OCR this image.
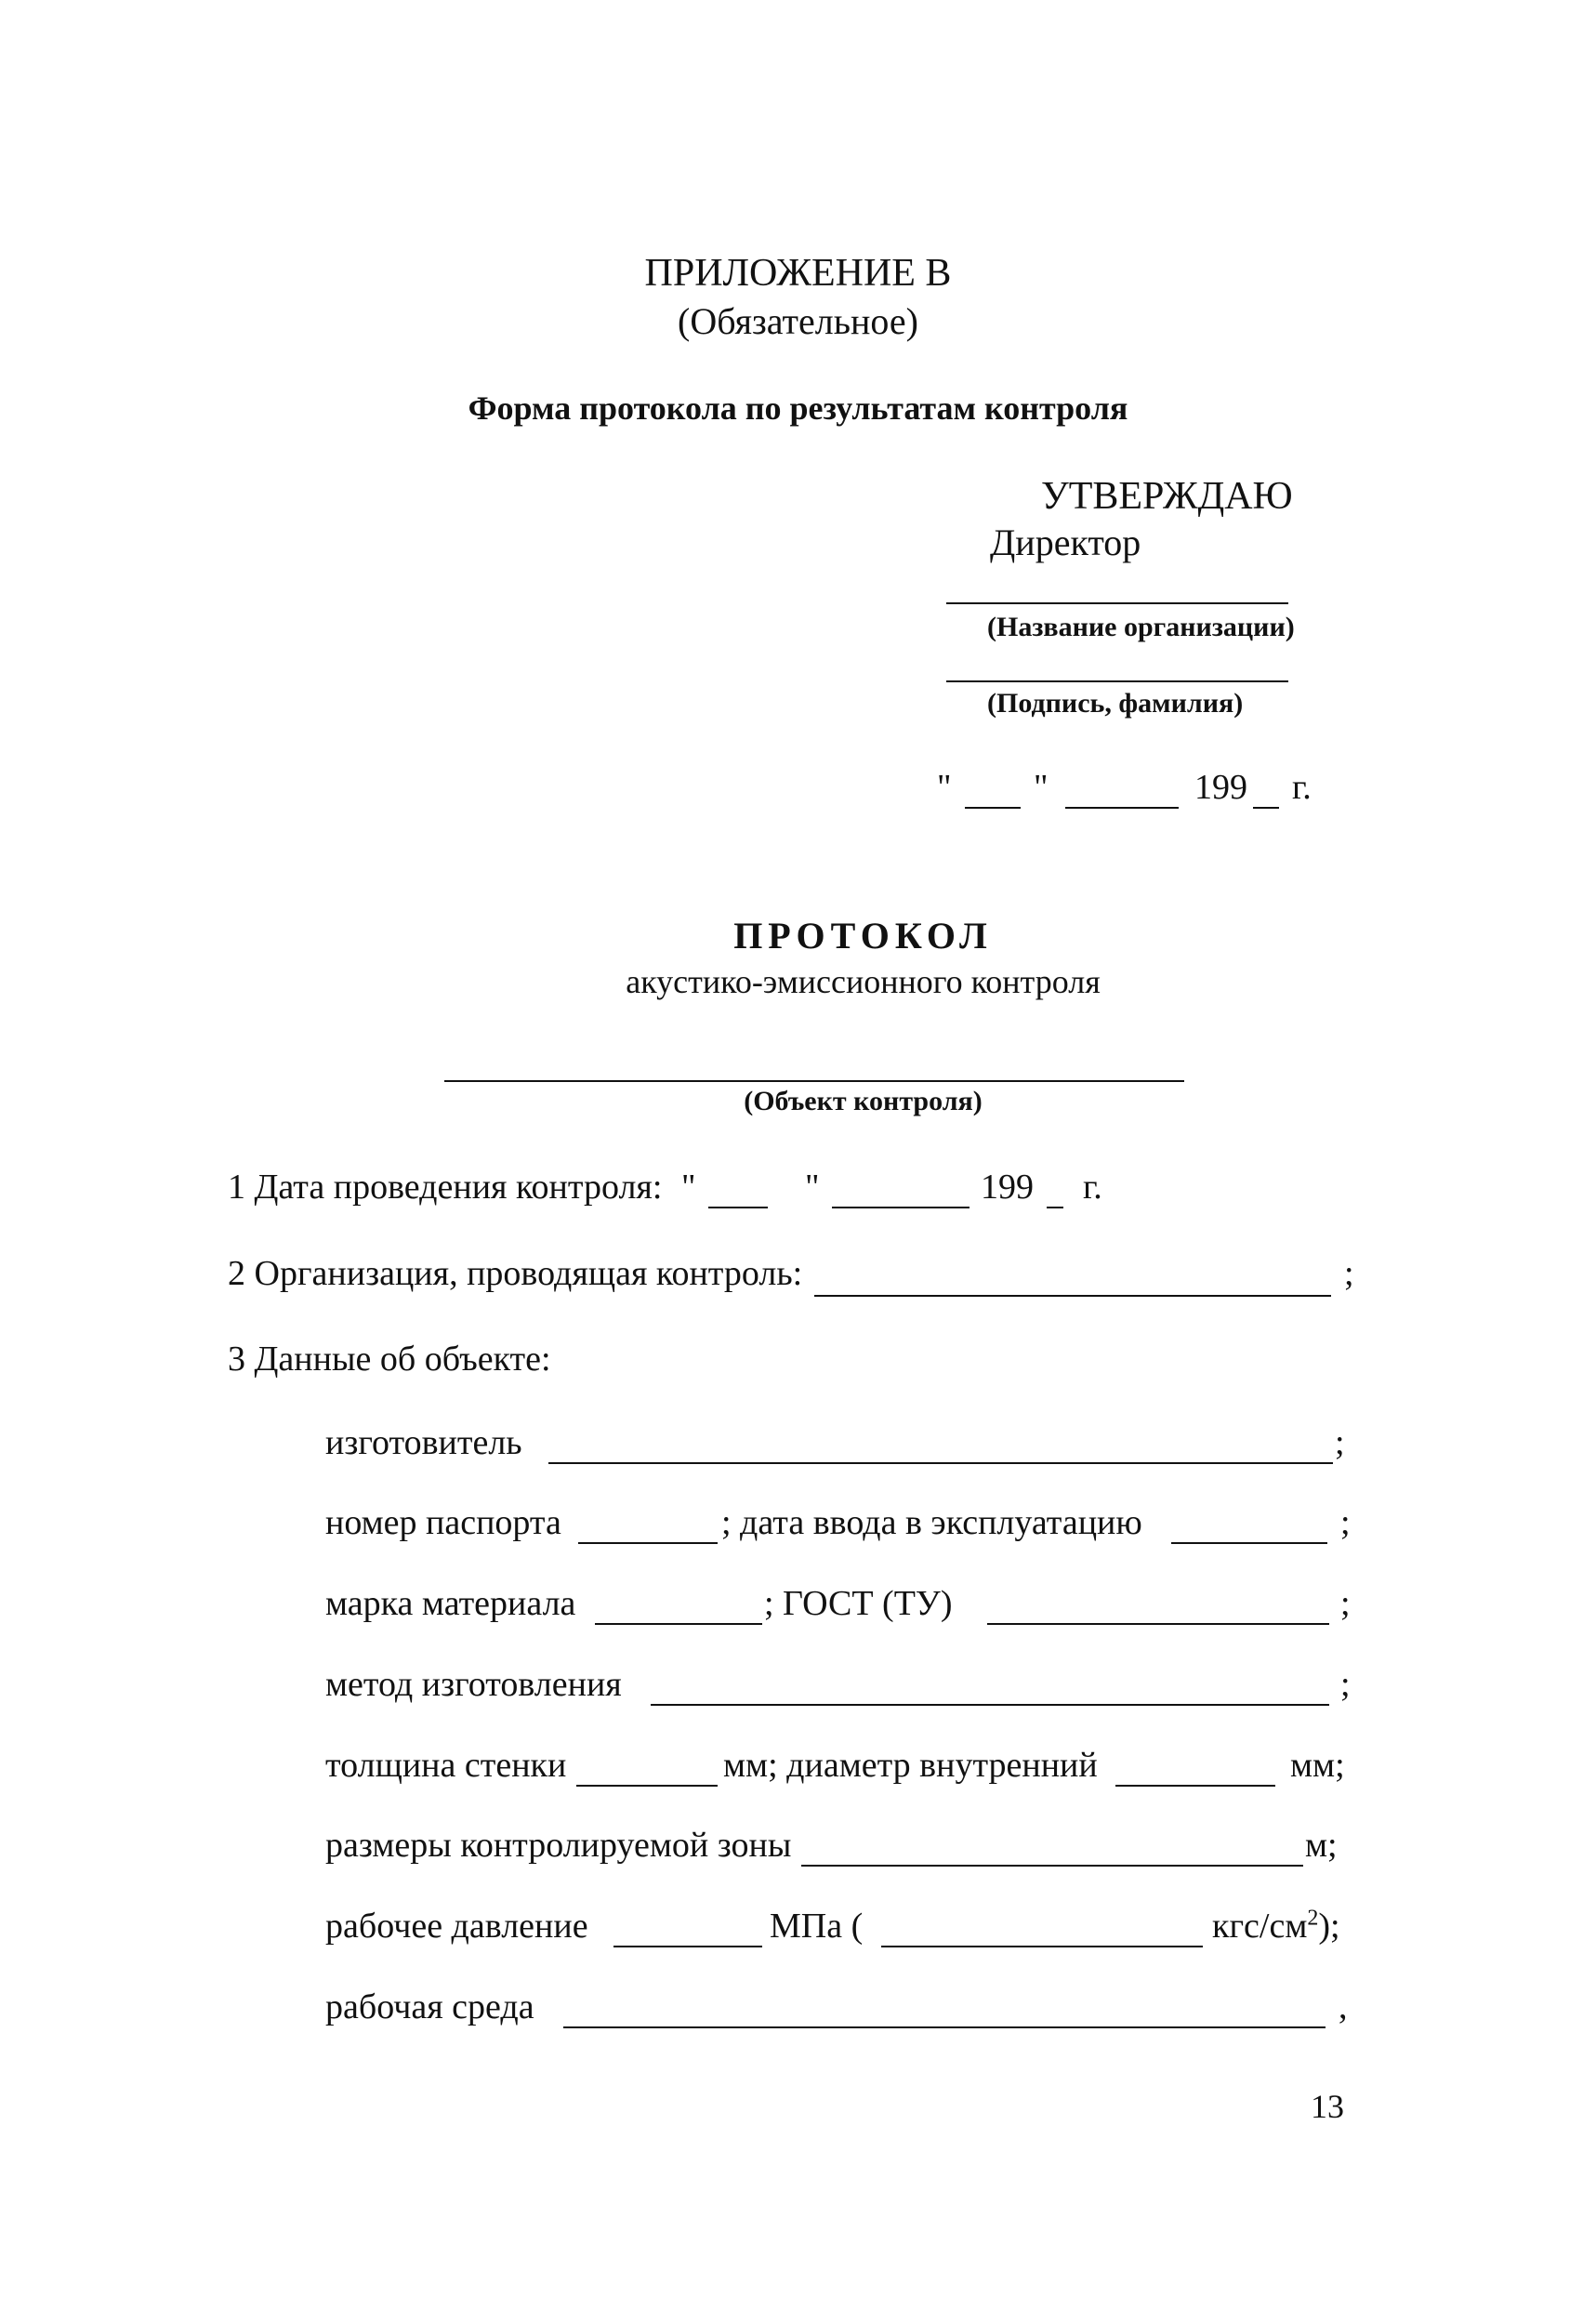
ПРИЛОЖЕНИЕ В
(Обязательное)
Форма протокола по результатам контроля
УТВЕРЖДАЮ
Директор
(Название организации)
(Подпись, фамилия)
" "	199 г.
ПРОТОКОЛ
акустико-эмиссионного контроля
(Объект контроля)
1 Дата проведения контроля: "	"	199 г.
2 Организация, проводящая контроль:	;
3 Данные об объекте:
изготовитель	;
номер паспорта	; дата ввода в эксплуатацию	;
марка материала	; ГОСТ (ТУ)	;
метод изготовления	;
толщина стенки	мм; диаметр внутренний	мм;
размеры контролируемой зоны	м;
рабочее давление	МПа (	кгс/$см^2$);
рабочая среда	,
13
